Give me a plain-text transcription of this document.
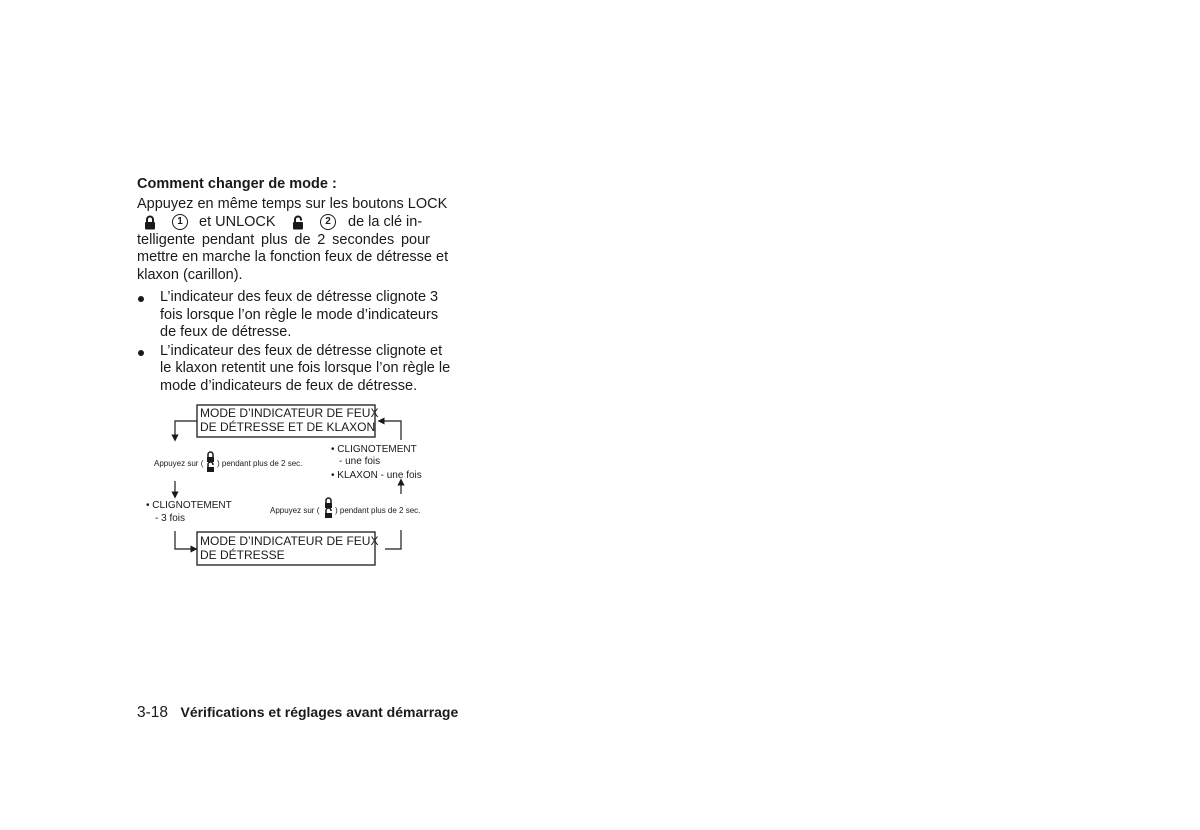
Comment changer de mode :
Appuyez en même temps sur les boutons LOCK
1	et UNLOCK	2	de la clé in-
telligente pendant plus de 2 secondes pour
mettre en marche la fonction feux de détresse et
klaxon (carillon).
L’indicateur des feux de détresse clignote 3
fois lorsque l’on règle le mode d’indicateurs
de feux de détresse.
L’indicateur des feux de détresse clignote et
le klaxon retentit une fois lorsque l’on règle le
mode d’indicateurs de feux de détresse.
MODE D’INDICATEUR DE FEUX
DE DÉTRESSE ET DE KLAXON
MODE D’INDICATEUR DE FEUX
DE DÉTRESSE
Appuyez sur ( ) pendant plus de 2 sec.
Appuyez sur ( ) pendant plus de 2 sec.
• CLIGNOTEMENT
- 3 fois
• CLIGNOTEMENT
- une fois
• KLAXON - une fois
3-18 Vérifications et réglages avant démarrage
